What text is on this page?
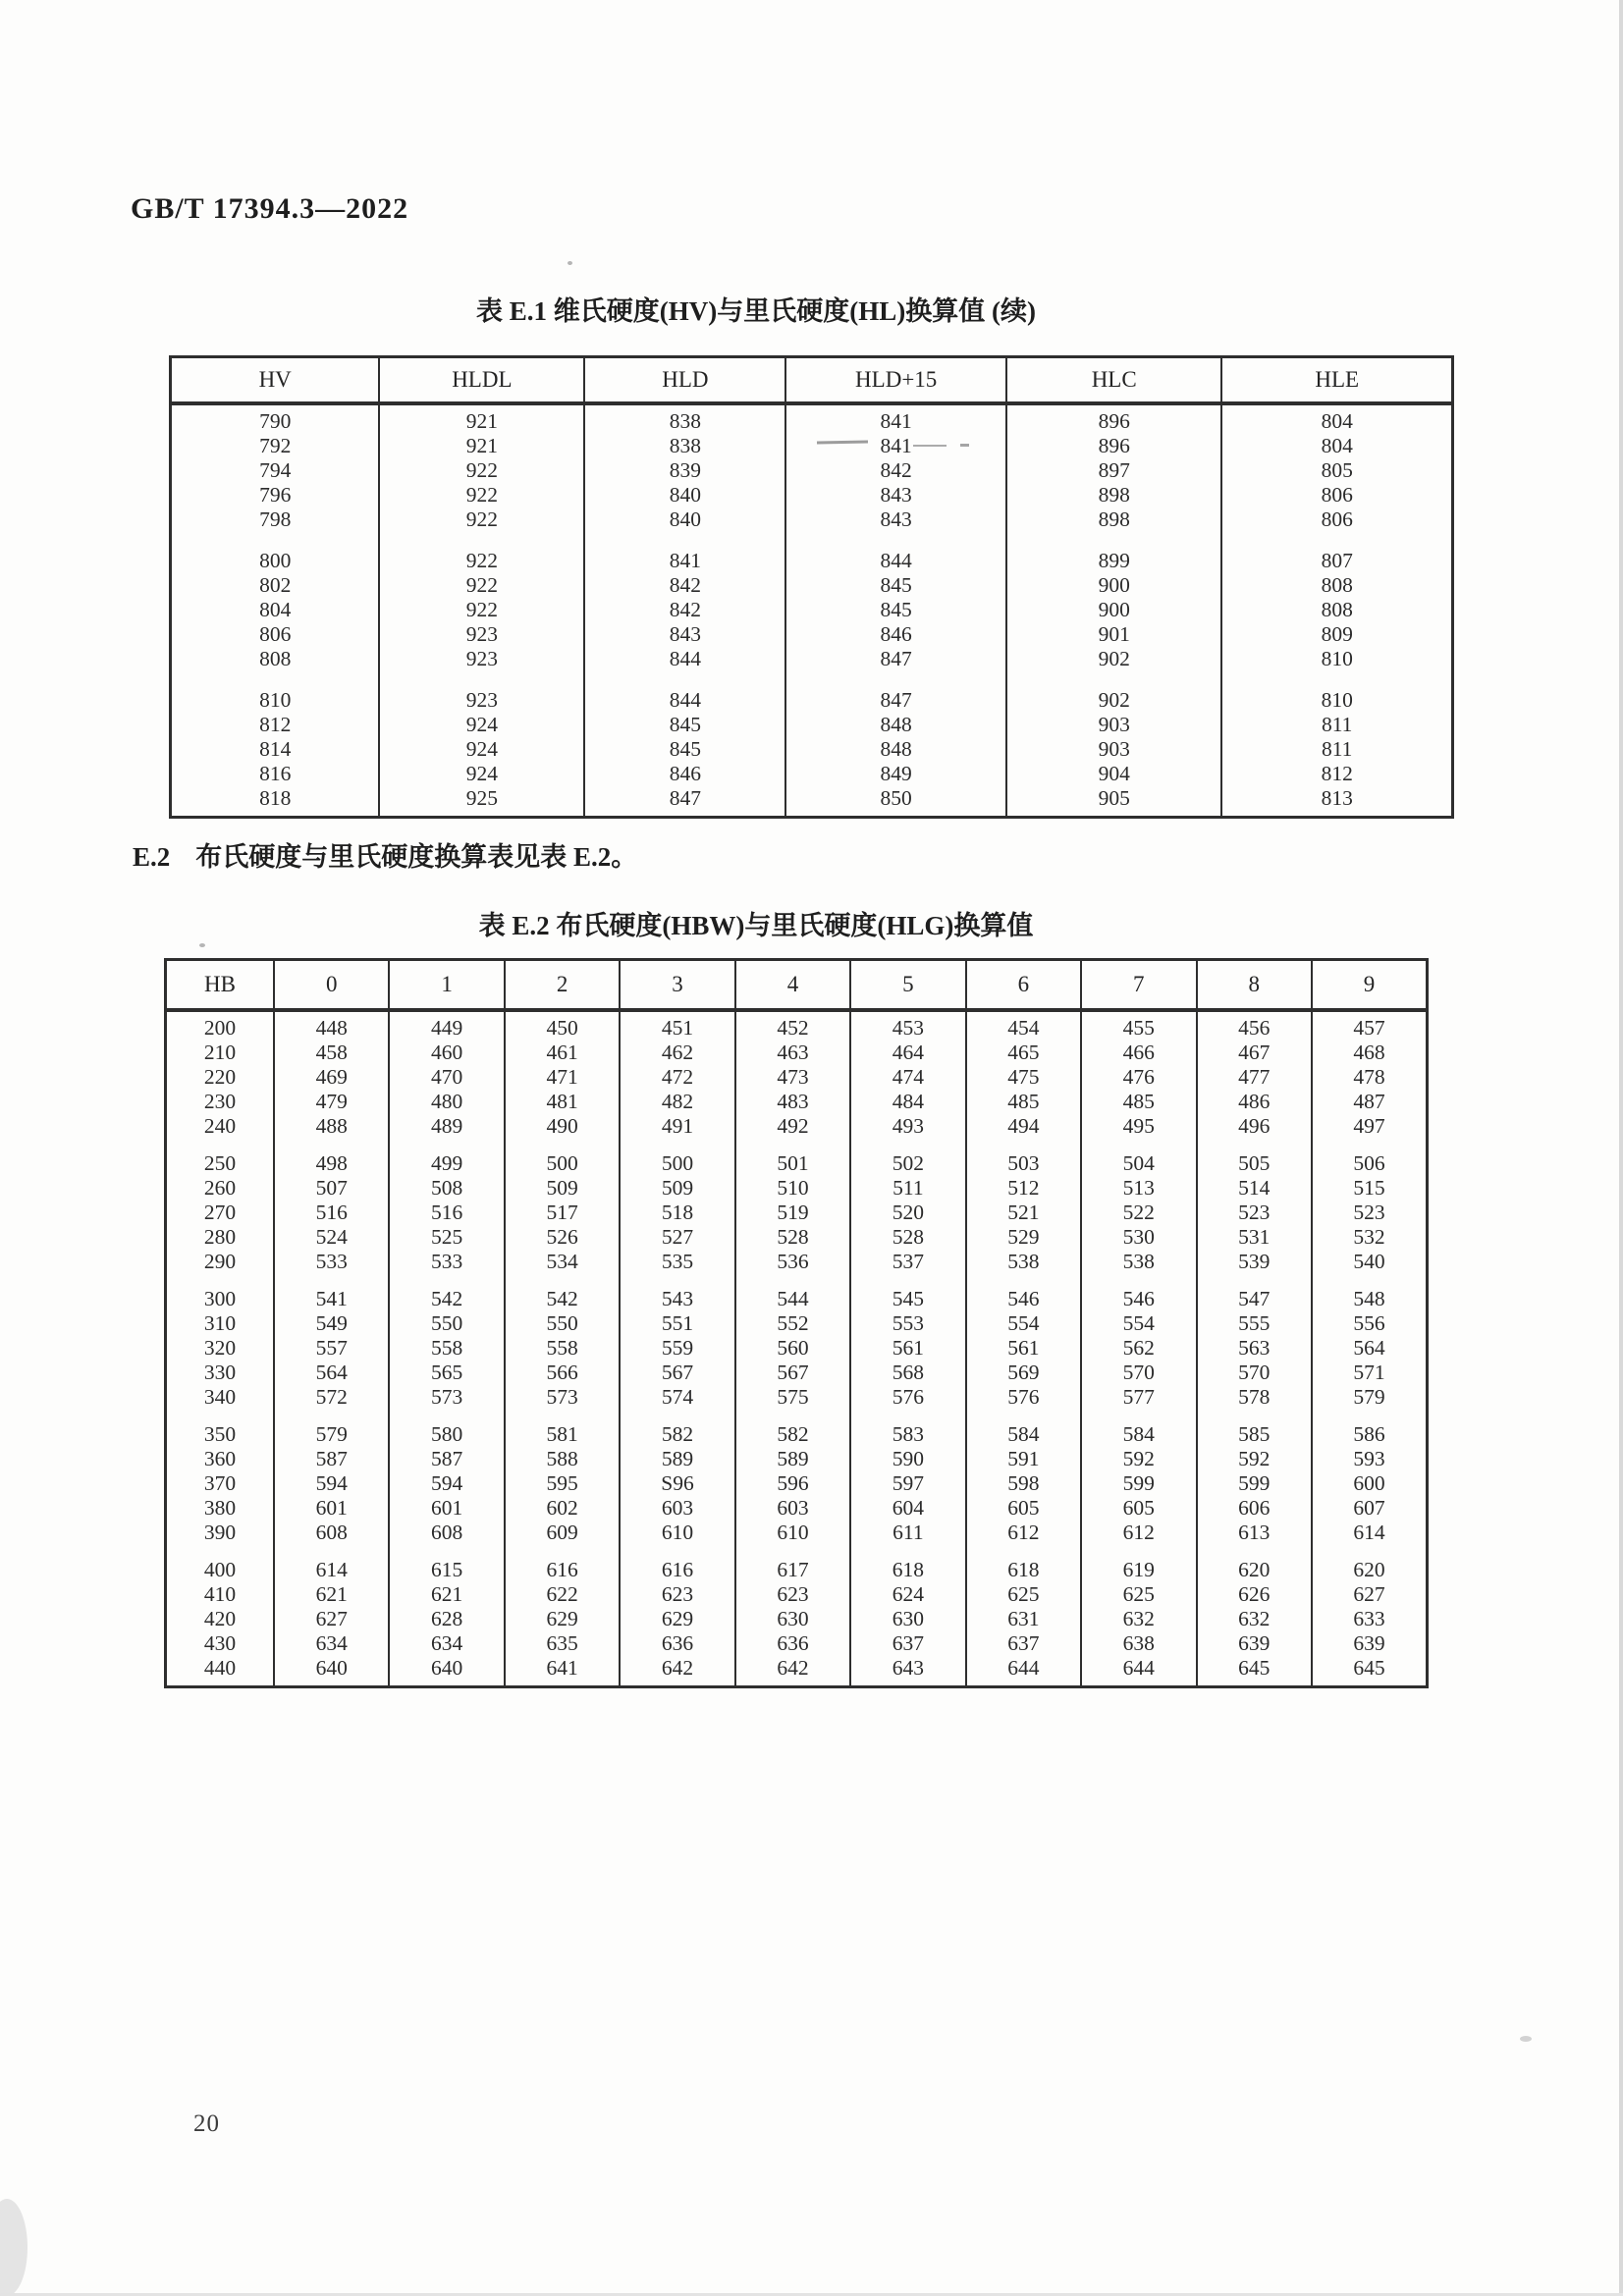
GB/T 17394.3—2022
表 E.1 维氏硬度(HV)与里氏硬度(HL)换算值 (续)
HV	HLDL	HLD	HLD+15	HLC	HLE
790	921	838	841	896	804
792	921	838	841	896	804
794	922	839	842	897	805
796	922	840	843	898	806
798	922	840	843	898	806
800	922	841	844	899	807
802	922	842	845	900	808
804	922	842	845	900	808
806	923	843	846	901	809
808	923	844	847	902	810
810	923	844	847	902	810
812	924	845	848	903	811
814	924	845	848	903	811
816	924	846	849	904	812
818	925	847	850	905	813
E.2 布氏硬度与里氏硬度换算表见表 E.2。
表 E.2 布氏硬度(HBW)与里氏硬度(HLG)换算值
HB	0	1	2	3	4	5	6	7	8	9
200	448	449	450	451	452	453	454	455	456	457
210	458	460	461	462	463	464	465	466	467	468
220	469	470	471	472	473	474	475	476	477	478
230	479	480	481	482	483	484	485	485	486	487
240	488	489	490	491	492	493	494	495	496	497
250	498	499	500	500	501	502	503	504	505	506
260	507	508	509	509	510	511	512	513	514	515
270	516	516	517	518	519	520	521	522	523	523
280	524	525	526	527	528	528	529	530	531	532
290	533	533	534	535	536	537	538	538	539	540
300	541	542	542	543	544	545	546	546	547	548
310	549	550	550	551	552	553	554	554	555	556
320	557	558	558	559	560	561	561	562	563	564
330	564	565	566	567	567	568	569	570	570	571
340	572	573	573	574	575	576	576	577	578	579
350	579	580	581	582	582	583	584	584	585	586
360	587	587	588	589	589	590	591	592	592	593
370	594	594	595	S96	596	597	598	599	599	600
380	601	601	602	603	603	604	605	605	606	607
390	608	608	609	610	610	611	612	612	613	614
400	614	615	616	616	617	618	618	619	620	620
410	621	621	622	623	623	624	625	625	626	627
420	627	628	629	629	630	630	631	632	632	633
430	634	634	635	636	636	637	637	638	639	639
440	640	640	641	642	642	643	644	644	645	645
20
